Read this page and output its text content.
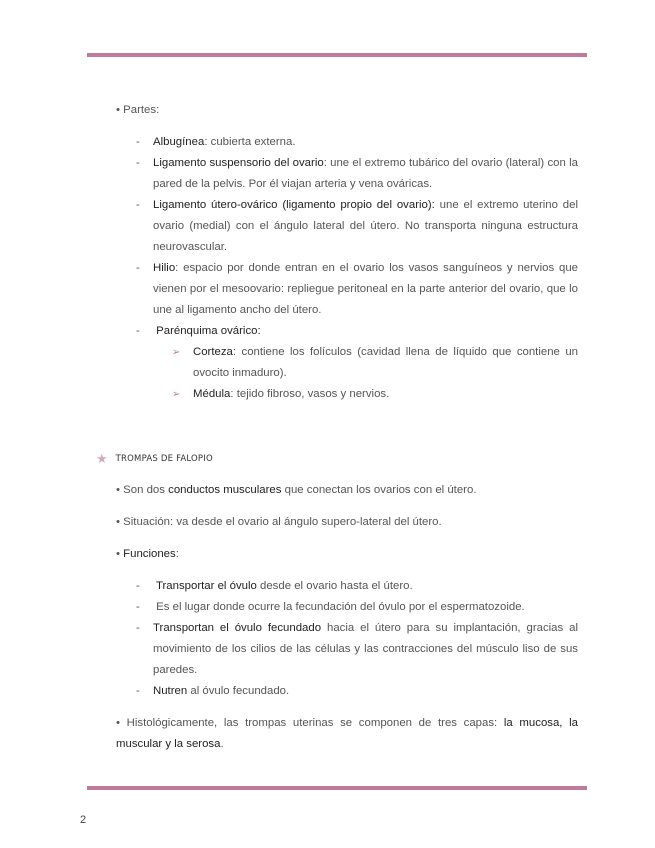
• Partes:

- Albugínea: cubierta externa.
- Ligamento suspensorio del ovario: une el extremo tubárico del ovario (lateral) con la pared de la pelvis. Por él viajan arteria y vena ováricas.
- Ligamento útero-ovárico (ligamento propio del ovario): une el extremo uterino del ovario (medial) con el ángulo lateral del útero. No transporta ninguna estructura neurovascular.
- Hilio: espacio por donde entran en el ovario los vasos sanguíneos y nervios que vienen por el mesoovario: repliegue peritoneal en la parte anterior del ovario, que lo une al ligamento ancho del útero.
- Parénquima ovárico:
➢ Corteza: contiene los folículos (cavidad llena de líquido que contiene un ovocito inmaduro).
➢ Médula: tejido fibroso, vasos y nervios.
★ TROMPAS DE FALOPIO

• Son dos conductos musculares que conectan los ovarios con el útero.

• Situación: va desde el ovario al ángulo supero-lateral del útero.

• Funciones:

- Transportar el óvulo desde el ovario hasta el útero.
- Es el lugar donde ocurre la fecundación del óvulo por el espermatozoide.
- Transportan el óvulo fecundado hacia el útero para su implantación, gracias al movimiento de los cilios de las células y las contracciones del músculo liso de sus paredes.
- Nutren al óvulo fecundado.

• Histológicamente, las trompas uterinas se componen de tres capas: la mucosa, la muscular y la serosa.

2
